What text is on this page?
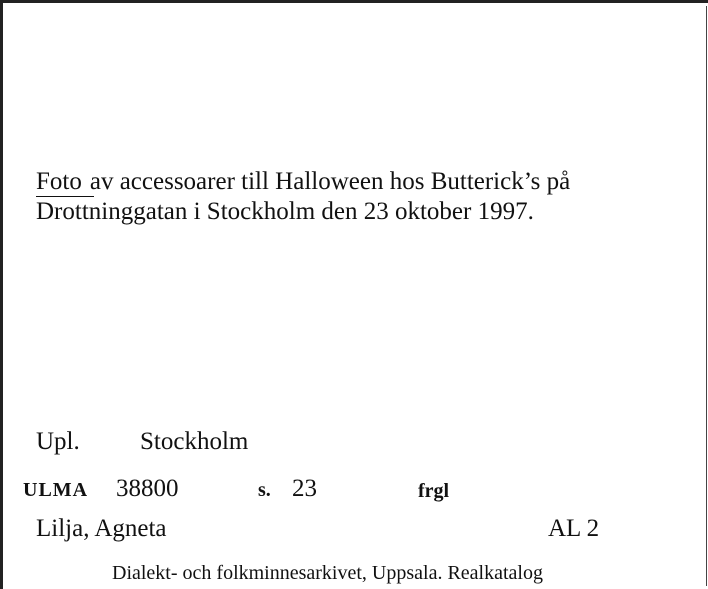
Foto av accessoarer till Halloween hos Butterick’s på
Drottninggatan i Stockholm den 23 oktober 1997.
Upl. Stockholm
ULMA 38800	s. 23	frgl
Lilja, Agneta	AL 2
Dialekt- och folkminnesarkivet, Uppsala. Realkatalog
